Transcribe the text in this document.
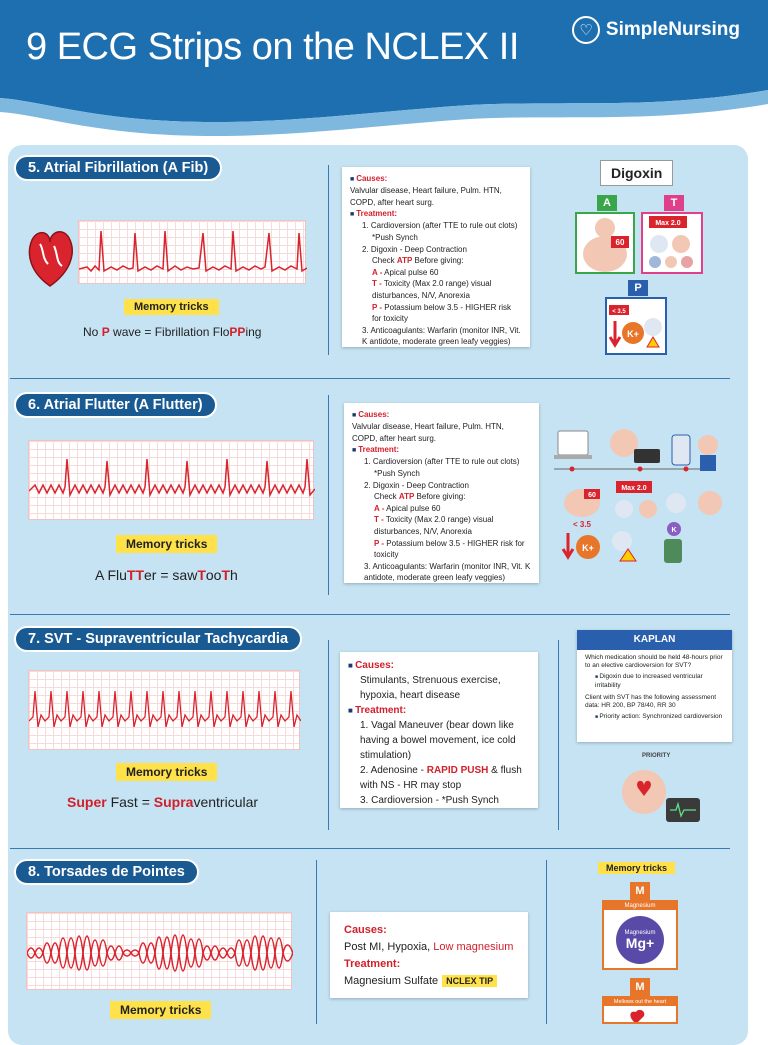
9 ECG Strips on the NCLEX II	♡ SimpleNursing
5. Atrial Fibrillation (A Fib)
Memory tricks
No P wave = Fibrillation FloPPing
■ Causes:
Valvular disease, Heart failure, Pulm. HTN, COPD, after heart surg.
■ Treatment:
1. Cardioversion (after TTE to rule out clots)
*Push Synch
2. Digoxin - Deep Contraction
Check ATP Before giving:
A - Apical pulse 60
T - Toxicity (Max 2.0 range) visual disturbances, N/V, Anorexia
P - Potassium below 3.5 - HIGHER risk for toxicity
3. Anticoagulants: Warfarin (monitor INR, Vit. K antidote, moderate green leafy veggies)
Digoxin
A	T
60
Max 2.0
P
< 3.5
K+
6. Atrial Flutter (A Flutter)
Memory tricks
A FluTTer = sawTooTh
■ Causes:
Valvular disease, Heart failure, Pulm. HTN, COPD, after heart surg.
■ Treatment:
1. Cardioversion (after TTE to rule out clots)
*Push Synch
2. Digoxin - Deep Contraction
Check ATP Before giving:
A - Apical pulse 60
T - Toxicity (Max 2.0 range) visual disturbances, N/V, Anorexia
P - Potassium below 3.5 - HIGHER risk for toxicity
3. Anticoagulants: Warfarin (monitor INR, Vit. K antidote, moderate green leafy veggies)
60
Max 2.0
< 3.5
K+
K
7. SVT - Supraventricular Tachycardia
Memory tricks
Super Fast = Supraventricular
■ Causes:
Stimulants, Strenuous exercise, hypoxia, heart disease
■ Treatment:
1. Vagal Maneuver (bear down like having a bowel movement, ice cold stimulation)
2. Adenosine - RAPID PUSH & flush with NS - HR may stop
3. Cardioversion - *Push Synch
KAPLAN
Which medication should be held 48-hours prior to an elective cardioversion for SVT?
■ Digoxin due to increased ventricular irritability
Client with SVT has the following assessment data: HR 200, BP 78/40, RR 30
■ Priority action: Synchronized cardioversion
PRIORITY
8. Torsades de Pointes
Memory tricks
Causes:
Post MI, Hypoxia, Low magnesium
Treatment:
Magnesium Sulfate NCLEX TIP
Memory tricks
M
Magnesium
Magnesium
Mg+
M
Mellows out the heart
